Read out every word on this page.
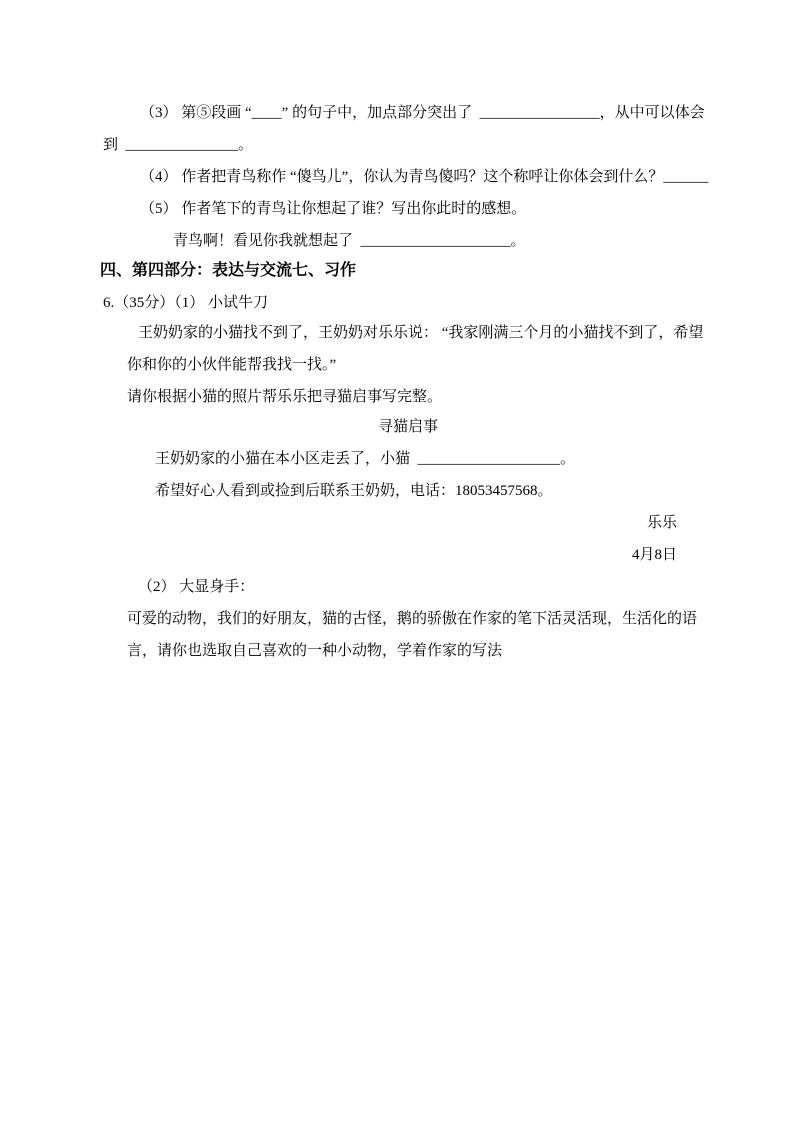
（3） 第⑤段画 “____” 的句子中，加点部分突出了  ________________，从中可以体会
到  _______________。
（4） 作者把青鸟称作 “傻鸟儿”，你认为青鸟傻吗？这个称呼让你体会到什么？______
（5） 作者笔下的青鸟让你想起了谁？写出你此时的感想。
青鸟啊！看见你我就想起了  ____________________。
四、第四部分：表达与交流七、习作
6.（35分）（1） 小试牛刀
王奶奶家的小猫找不到了，王奶奶对乐乐说： “我家刚满三个月的小猫找不到了，希望
你和你的小伙伴能帮我找一找。”
请你根据小猫的照片帮乐乐把寻猫启事写完整。
寻猫启事
王奶奶家的小猫在本小区走丢了，小猫  ___________________。
希望好心人看到或捡到后联系王奶奶，电话：18053457568。
乐乐
4月8日
（2） 大显身手：
可爱的动物，我们的好朋友，猫的古怪，鹅的骄傲在作家的笔下活灵活现，生活化的语
言，请你也选取自己喜欢的一种小动物，学着作家的写法
